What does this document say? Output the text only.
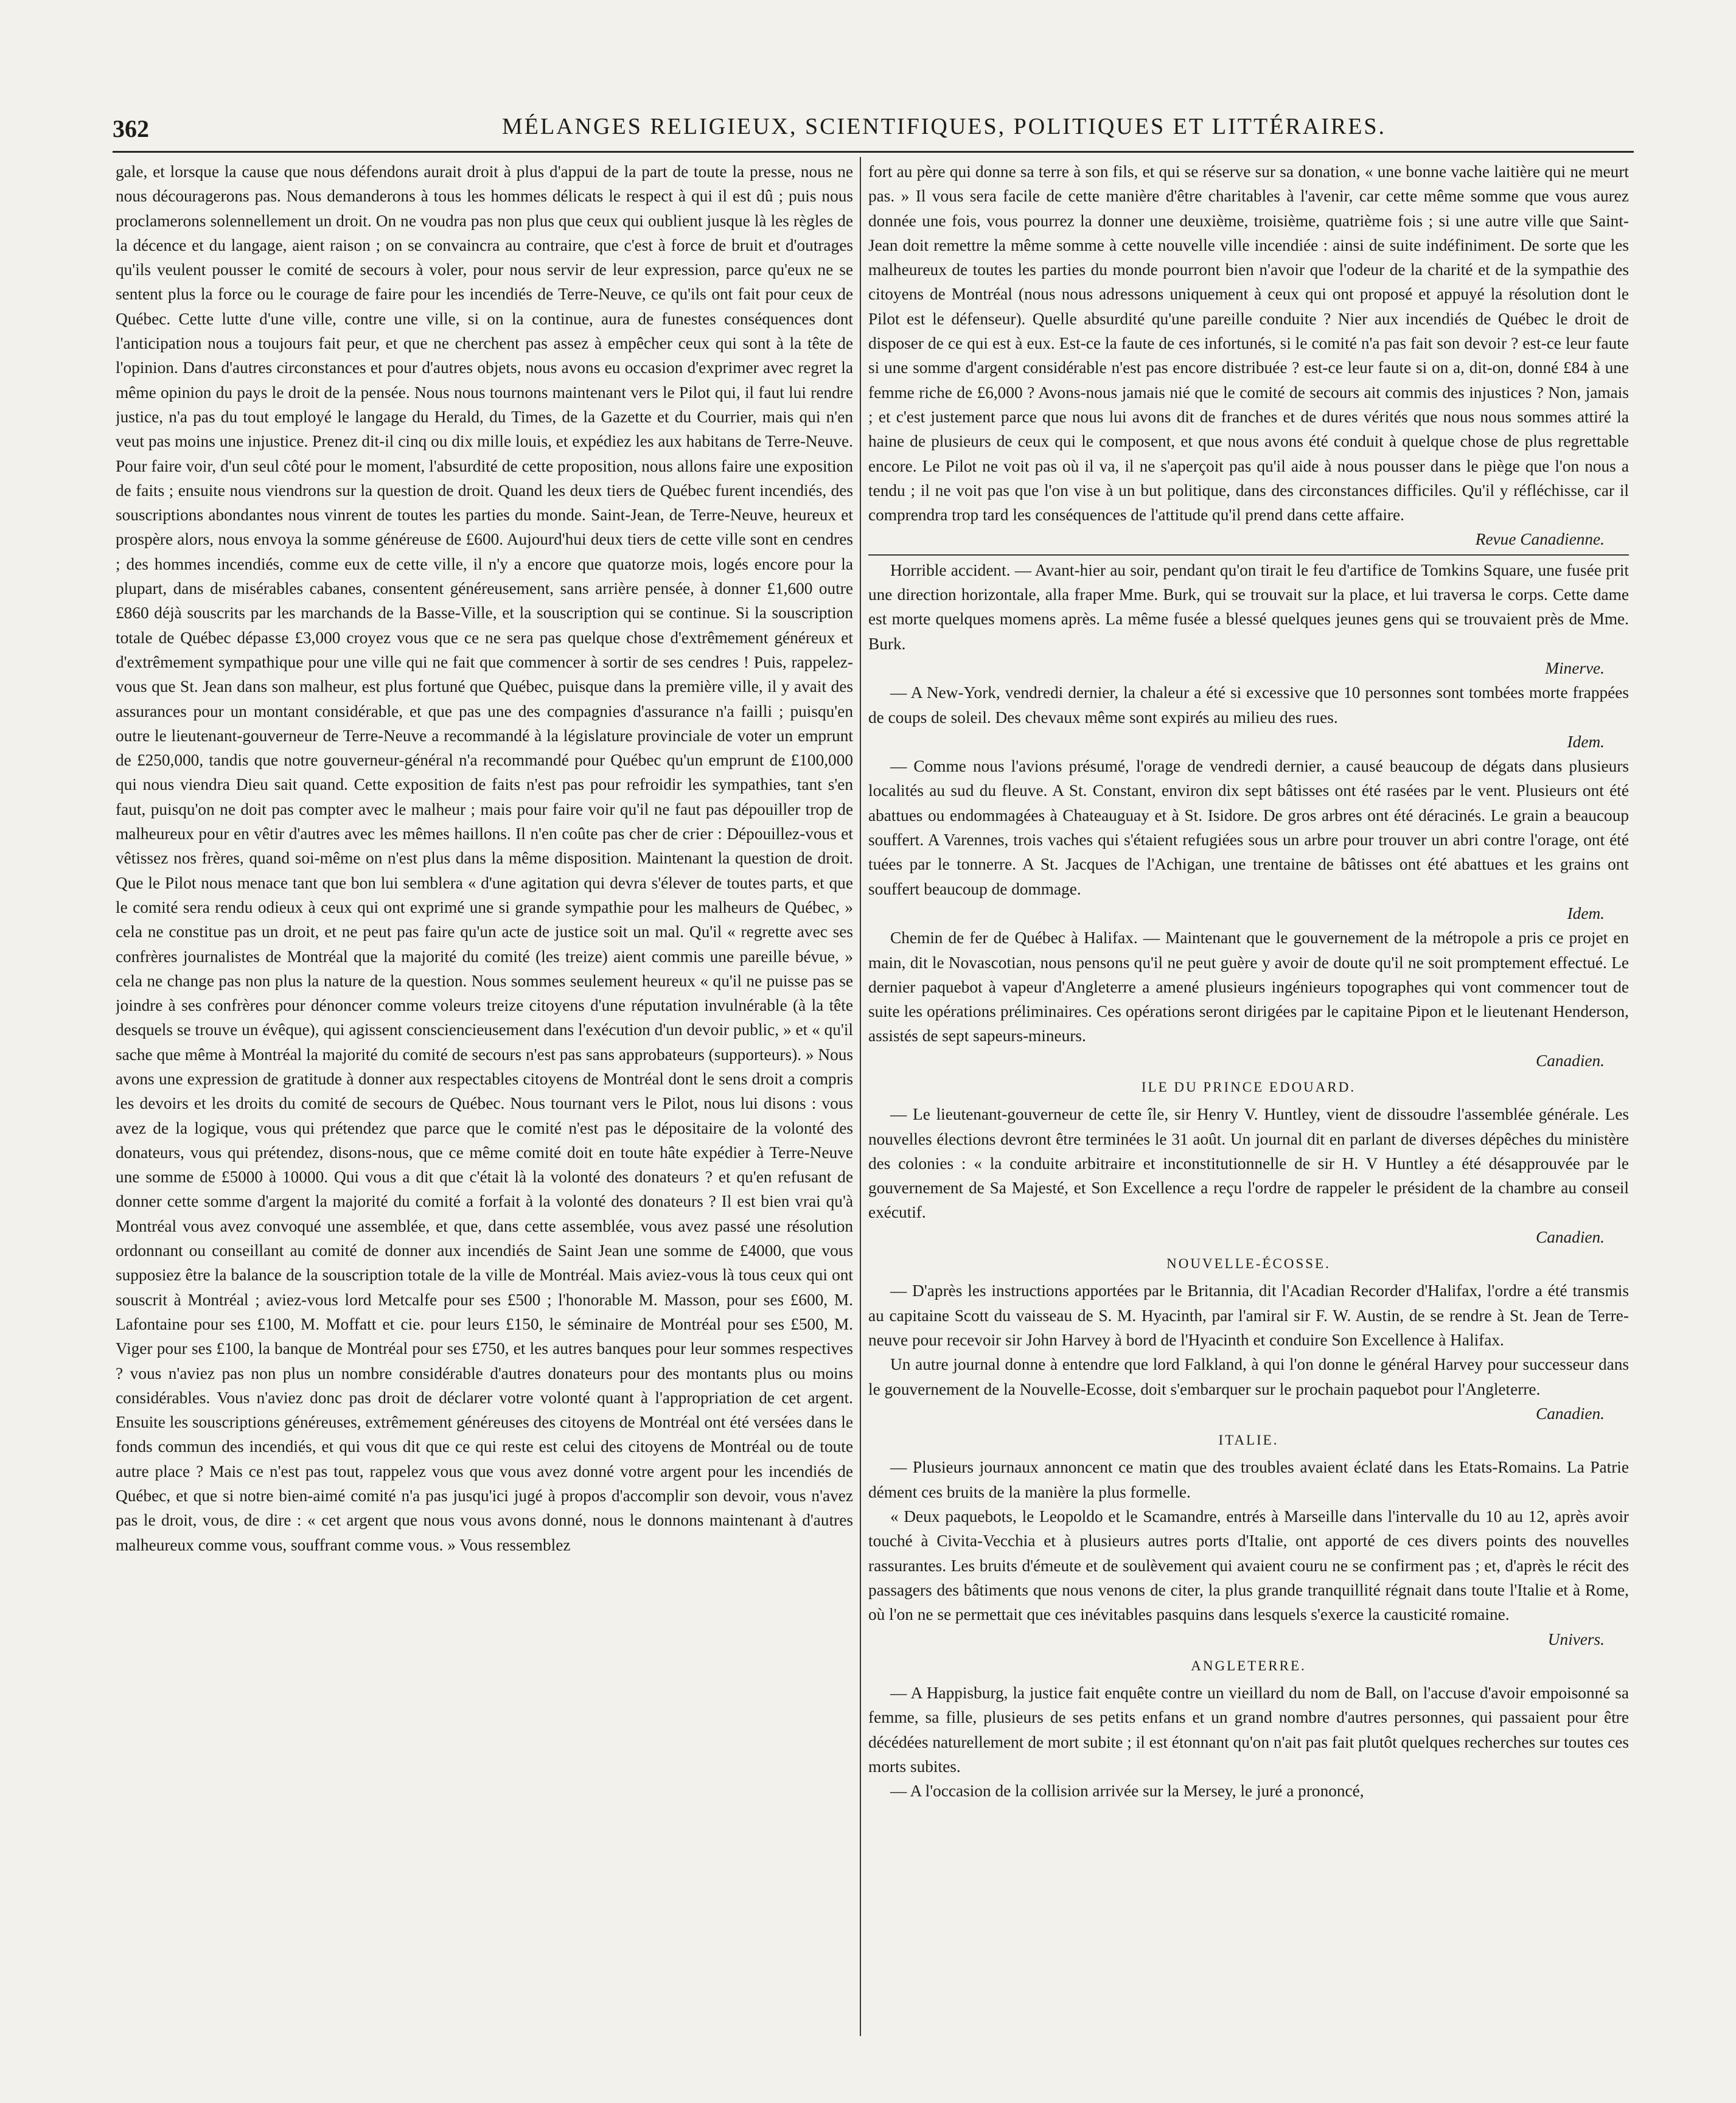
362	MÉLANGES RELIGIEUX, SCIENTIFIQUES, POLITIQUES ET LITTÉRAIRES.

gale, et lorsque la cause que nous défendons aurait droit à plus d'appui de la part de toute la presse, nous ne nous découragerons pas. Nous demanderons à tous les hommes délicats le respect à qui il est dû ; puis nous proclamerons solennellement un droit. On ne voudra pas non plus que ceux qui oublient jusque là les règles de la décence et du langage, aient raison ; on se convaincra au contraire, que c'est à force de bruit et d'outrages qu'ils veulent pousser le comité de secours à voler, pour nous servir de leur expression, parce qu'eux ne se sentent plus la force ou le courage de faire pour les incendiés de Terre-Neuve, ce qu'ils ont fait pour ceux de Québec. Cette lutte d'une ville, contre une ville, si on la continue, aura de funestes conséquences dont l'anticipation nous a toujours fait peur, et que ne cherchent pas assez à empêcher ceux qui sont à la tête de l'opinion. Dans d'autres circonstances et pour d'autres objets, nous avons eu occasion d'exprimer avec regret la même opinion du pays le droit de la pensée. Nous nous tournons maintenant vers le Pilot qui, il faut lui rendre justice, n'a pas du tout employé le langage du Herald, du Times, de la Gazette et du Courrier, mais qui n'en veut pas moins une injustice. Prenez dit-il cinq ou dix mille louis, et expédiez les aux habitans de Terre-Neuve. Pour faire voir, d'un seul côté pour le moment, l'absurdité de cette proposition, nous allons faire une exposition de faits ; ensuite nous viendrons sur la question de droit. Quand les deux tiers de Québec furent incendiés, des souscriptions abondantes nous vinrent de toutes les parties du monde. Saint-Jean, de Terre-Neuve, heureux et prospère alors, nous envoya la somme généreuse de £600. Aujourd'hui deux tiers de cette ville sont en cendres ; des hommes incendiés, comme eux de cette ville, il n'y a encore que quatorze mois, logés encore pour la plupart, dans de misérables cabanes, consentent généreusement, sans arrière pensée, à donner £1,600 outre £860 déjà souscrits par les marchands de la Basse-Ville, et la souscription qui se continue. Si la souscription totale de Québec dépasse £3,000 croyez vous que ce ne sera pas quelque chose d'extrêmement généreux et d'extrêmement sympathique pour une ville qui ne fait que commencer à sortir de ses cendres ! Puis, rappelez-vous que St. Jean dans son malheur, est plus fortuné que Québec, puisque dans la première ville, il y avait des assurances pour un montant considérable, et que pas une des compagnies d'assurance n'a failli ; puisqu'en outre le lieutenant-gouverneur de Terre-Neuve a recommandé à la législature provinciale de voter un emprunt de £250,000, tandis que notre gouverneur-général n'a recommandé pour Québec qu'un emprunt de £100,000 qui nous viendra Dieu sait quand. Cette exposition de faits n'est pas pour refroidir les sympathies, tant s'en faut, puisqu'on ne doit pas compter avec le malheur ; mais pour faire voir qu'il ne faut pas dépouiller trop de malheureux pour en vêtir d'autres avec les mêmes haillons. Il n'en coûte pas cher de crier : Dépouillez-vous et vêtissez nos frères, quand soi-même on n'est plus dans la même disposition. Maintenant la question de droit. Que le Pilot nous menace tant que bon lui semblera « d'une agitation qui devra s'élever de toutes parts, et que le comité sera rendu odieux à ceux qui ont exprimé une si grande sympathie pour les malheurs de Québec, » cela ne constitue pas un droit, et ne peut pas faire qu'un acte de justice soit un mal. Qu'il « regrette avec ses confrères journalistes de Montréal que la majorité du comité (les treize) aient commis une pareille bévue, » cela ne change pas non plus la nature de la question. Nous sommes seulement heureux « qu'il ne puisse pas se joindre à ses confrères pour dénoncer comme voleurs treize citoyens d'une réputation invulnérable (à la tête desquels se trouve un évêque), qui agissent consciencieusement dans l'exécution d'un devoir public, » et « qu'il sache que même à Montréal la majorité du comité de secours n'est pas sans approbateurs (supporteurs). » Nous avons une expression de gratitude à donner aux respectables citoyens de Montréal dont le sens droit a compris les devoirs et les droits du comité de secours de Québec. Nous tournant vers le Pilot, nous lui disons : vous avez de la logique, vous qui prétendez que parce que le comité n'est pas le dépositaire de la volonté des donateurs, vous qui prétendez, disons-nous, que ce même comité doit en toute hâte expédier à Terre-Neuve une somme de £5000 à 10000. Qui vous a dit que c'était là la volonté des donateurs ? et qu'en refusant de donner cette somme d'argent la majorité du comité a forfait à la volonté des donateurs ? Il est bien vrai qu'à Montréal vous avez convoqué une assemblée, et que, dans cette assemblée, vous avez passé une résolution ordonnant ou conseillant au comité de donner aux incendiés de Saint Jean une somme de £4000, que vous supposiez être la balance de la souscription totale de la ville de Montréal. Mais aviez-vous là tous ceux qui ont souscrit à Montréal ; aviez-vous lord Metcalfe pour ses £500 ; l'honorable M. Masson, pour ses £600, M. Lafontaine pour ses £100, M. Moffatt et cie. pour leurs £150, le séminaire de Montréal pour ses £500, M. Viger pour ses £100, la banque de Montréal pour ses £750, et les autres banques pour leur sommes respectives ? vous n'aviez pas non plus un nombre considérable d'autres donateurs pour des montants plus ou moins considérables. Vous n'aviez donc pas droit de déclarer votre volonté quant à l'appropriation de cet argent. Ensuite les souscriptions généreuses, extrêmement généreuses des citoyens de Montréal ont été versées dans le fonds commun des incendiés, et qui vous dit que ce qui reste est celui des citoyens de Montréal ou de toute autre place ? Mais ce n'est pas tout, rappelez vous que vous avez donné votre argent pour les incendiés de Québec, et que si notre bien-aimé comité n'a pas jusqu'ici jugé à propos d'accomplir son devoir, vous n'avez pas le droit, vous, de dire : « cet argent que nous vous avons donné, nous le donnons maintenant à d'autres malheureux comme vous, souffrant comme vous. » Vous ressemblez

fort au père qui donne sa terre à son fils, et qui se réserve sur sa donation, « une bonne vache laitière qui ne meurt pas. » Il vous sera facile de cette manière d'être charitables à l'avenir, car cette même somme que vous aurez donnée une fois, vous pourrez la donner une deuxième, troisième, quatrième fois ; si une autre ville que Saint-Jean doit remettre la même somme à cette nouvelle ville incendiée : ainsi de suite indéfiniment. De sorte que les malheureux de toutes les parties du monde pourront bien n'avoir que l'odeur de la charité et de la sympathie des citoyens de Montréal (nous nous adressons uniquement à ceux qui ont proposé et appuyé la résolution dont le Pilot est le défenseur). Quelle absurdité qu'une pareille conduite ? Nier aux incendiés de Québec le droit de disposer de ce qui est à eux. Est-ce la faute de ces infortunés, si le comité n'a pas fait son devoir ? est-ce leur faute si une somme d'argent considérable n'est pas encore distribuée ? est-ce leur faute si on a, dit-on, donné £84 à une femme riche de £6,000 ? Avons-nous jamais nié que le comité de secours ait commis des injustices ? Non, jamais ; et c'est justement parce que nous lui avons dit de franches et de dures vérités que nous nous sommes attiré la haine de plusieurs de ceux qui le composent, et que nous avons été conduit à quelque chose de plus regrettable encore. Le Pilot ne voit pas où il va, il ne s'aperçoit pas qu'il aide à nous pousser dans le piège que l'on nous a tendu ; il ne voit pas que l'on vise à un but politique, dans des circonstances difficiles. Qu'il y réfléchisse, car il comprendra trop tard les conséquences de l'attitude qu'il prend dans cette affaire.

Revue Canadienne.

Horrible accident. — Avant-hier au soir, pendant qu'on tirait le feu d'artifice de Tomkins Square, une fusée prit une direction horizontale, alla fraper Mme. Burk, qui se trouvait sur la place, et lui traversa le corps. Cette dame est morte quelques momens après. La même fusée a blessé quelques jeunes gens qui se trouvaient près de Mme. Burk.

Minerve.

— A New-York, vendredi dernier, la chaleur a été si excessive que 10 personnes sont tombées morte frappées de coups de soleil. Des chevaux même sont expirés au milieu des rues.

Idem.

— Comme nous l'avions présumé, l'orage de vendredi dernier, a causé beaucoup de dégats dans plusieurs localités au sud du fleuve. A St. Constant, environ dix sept bâtisses ont été rasées par le vent. Plusieurs ont été abattues ou endommagées à Chateauguay et à St. Isidore. De gros arbres ont été déracinés. Le grain a beaucoup souffert. A Varennes, trois vaches qui s'étaient refugiées sous un arbre pour trouver un abri contre l'orage, ont été tuées par le tonnerre. A St. Jacques de l'Achigan, une trentaine de bâtisses ont été abattues et les grains ont souffert beaucoup de dommage.

Idem.

Chemin de fer de Québec à Halifax. — Maintenant que le gouvernement de la métropole a pris ce projet en main, dit le Novascotian, nous pensons qu'il ne peut guère y avoir de doute qu'il ne soit promptement effectué. Le dernier paquebot à vapeur d'Angleterre a amené plusieurs ingénieurs topographes qui vont commencer tout de suite les opérations préliminaires. Ces opérations seront dirigées par le capitaine Pipon et le lieutenant Henderson, assistés de sept sapeurs-mineurs.

Canadien.

ILE DU PRINCE EDOUARD.

— Le lieutenant-gouverneur de cette île, sir Henry V. Huntley, vient de dissoudre l'assemblée générale. Les nouvelles élections devront être terminées le 31 août. Un journal dit en parlant de diverses dépêches du ministère des colonies : « la conduite arbitraire et inconstitutionnelle de sir H. V Huntley a été désapprouvée par le gouvernement de Sa Majesté, et Son Excellence a reçu l'ordre de rappeler le président de la chambre au conseil exécutif.

Canadien.

NOUVELLE-ÉCOSSE.

— D'après les instructions apportées par le Britannia, dit l'Acadian Recorder d'Halifax, l'ordre a été transmis au capitaine Scott du vaisseau de S. M. Hyacinth, par l'amiral sir F. W. Austin, de se rendre à St. Jean de Terre-neuve pour recevoir sir John Harvey à bord de l'Hyacinth et conduire Son Excellence à Halifax.

Un autre journal donne à entendre que lord Falkland, à qui l'on donne le général Harvey pour successeur dans le gouvernement de la Nouvelle-Ecosse, doit s'embarquer sur le prochain paquebot pour l'Angleterre.

Canadien.

ITALIE.

— Plusieurs journaux annoncent ce matin que des troubles avaient éclaté dans les Etats-Romains. La Patrie dément ces bruits de la manière la plus formelle.

« Deux paquebots, le Leopoldo et le Scamandre, entrés à Marseille dans l'intervalle du 10 au 12, après avoir touché à Civita-Vecchia et à plusieurs autres ports d'Italie, ont apporté de ces divers points des nouvelles rassurantes. Les bruits d'émeute et de soulèvement qui avaient couru ne se confirment pas ; et, d'après le récit des passagers des bâtiments que nous venons de citer, la plus grande tranquillité régnait dans toute l'Italie et à Rome, où l'on ne se permettait que ces inévitables pasquins dans lesquels s'exerce la causticité romaine.

Univers.

ANGLETERRE.

— A Happisburg, la justice fait enquête contre un vieillard du nom de Ball, on l'accuse d'avoir empoisonné sa femme, sa fille, plusieurs de ses petits enfans et un grand nombre d'autres personnes, qui passaient pour être décédées naturellement de mort subite ; il est étonnant qu'on n'ait pas fait plutôt quelques recherches sur toutes ces morts subites.

— A l'occasion de la collision arrivée sur la Mersey, le juré a prononcé,
